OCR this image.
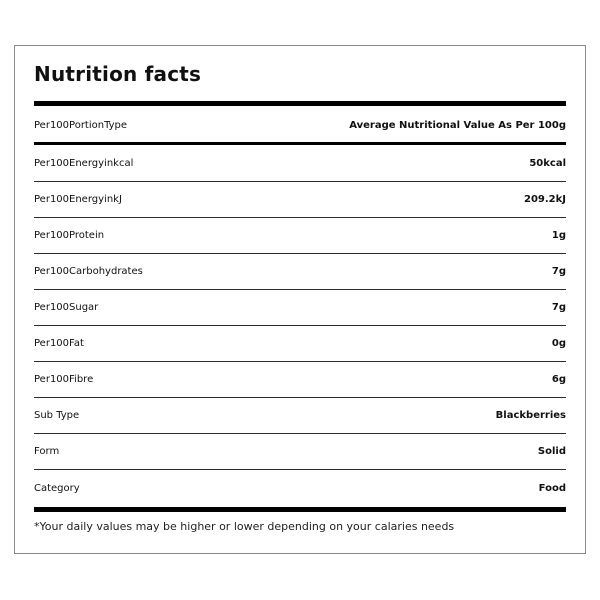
Nutrition facts
Per100PortionType	Average Nutritional Value As Per 100g
Per100Energyinkcal	50kcal
Per100EnergyinkJ	209.2kJ
Per100Protein	1g
Per100Carbohydrates	7g
Per100Sugar	7g
Per100Fat	0g
Per100Fibre	6g
Sub Type	Blackberries
Form	Solid
Category	Food
*Your daily values may be higher or lower depending on your calaries needs
